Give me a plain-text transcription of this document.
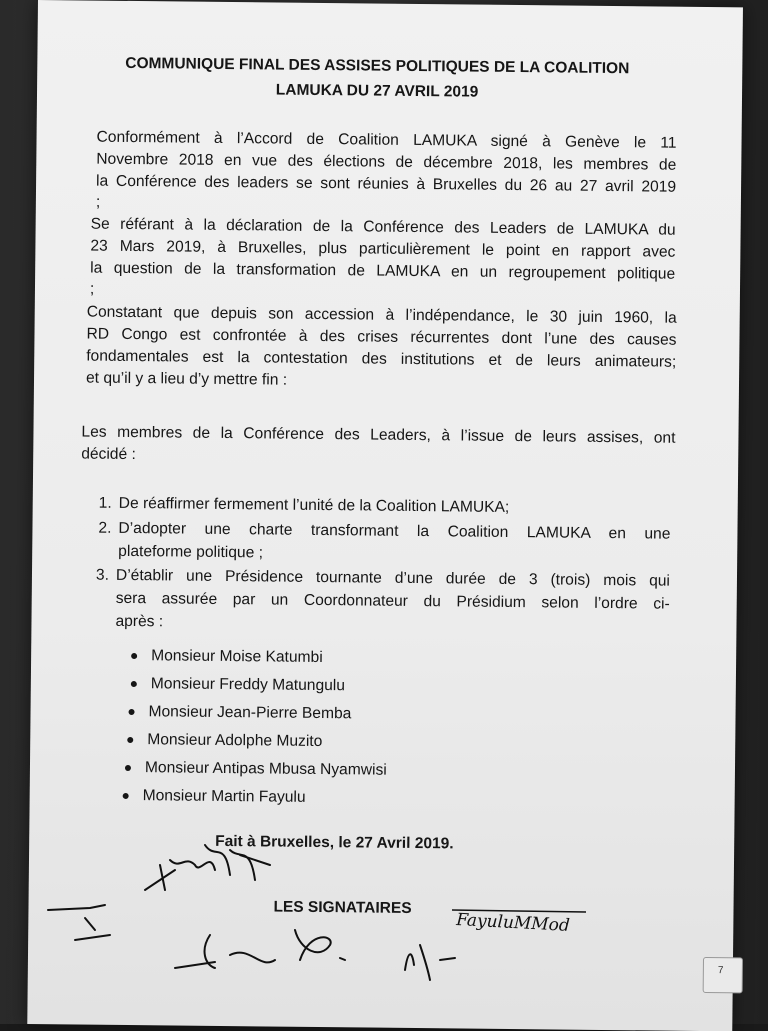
COMMUNIQUE FINAL DES ASSISES POLITIQUES DE LA COALITION
LAMUKA DU 27 AVRIL 2019
Conformément à l’Accord de Coalition LAMUKA signé à Genève le 11
Novembre 2018 en vue des élections de décembre 2018, les membres de
la Conférence des leaders se sont réunies à Bruxelles du 26 au 27 avril 2019
;
Se référant à la déclaration de la Conférence des Leaders de LAMUKA du
23 Mars 2019, à Bruxelles, plus particulièrement le point en rapport avec
la question de la transformation de LAMUKA en un regroupement politique
;
Constatant que depuis son accession à l’indépendance, le 30 juin 1960, la
RD Congo est confrontée à des crises récurrentes dont l’une des causes
fondamentales est la contestation des institutions et de leurs animateurs;
et qu’il y a lieu d’y mettre fin :
Les membres de la Conférence des Leaders, à l’issue de leurs assises, ont
décidé :
1. De réaffirmer fermement l’unité de la Coalition LAMUKA;
2. D’adopter une charte transformant la Coalition LAMUKA en une
plateforme politique ;
3. D’établir une Présidence tournante d’une durée de 3 (trois) mois qui
sera assurée par un Coordonnateur du Présidium selon l’ordre ci-
après :
Monsieur Moise Katumbi
Monsieur Freddy Matungulu
Monsieur Jean-Pierre Bemba
Monsieur Adolphe Muzito
Monsieur Antipas Mbusa Nyamwisi
Monsieur Martin Fayulu
Fait à Bruxelles, le 27 Avril 2019.
LES SIGNATAIRES
7
FayuluMMod
